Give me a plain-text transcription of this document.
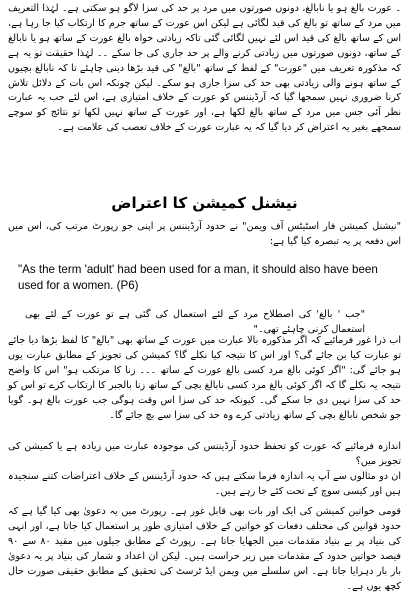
۔ عورت بالغ ہو یا نابالغ، دونوں صورتوں میں مرد پر حد کی سزا لاگو ہو سکتی ہے۔ لہٰذا التعریف میں مرد کے ساتھ تو بالغ کی قید لگائی ہے لیکن اس عورت کے ساتھ جرم کا ارتکاب کیا جا رہا ہے، اس کے ساتھ بالغ کی قید اس لئے نہیں لگائی گئی تاکہ زیادتی خواہ بالغ عورت کے ساتھ ہو یا نابالغ کے ساتھ، دونوں صورتوں میں زیادتی کرنے والے پر حد جاری کی جا سکے ۔۔ لہٰذا حقیقت تو یہ ہے کہ مذکورہ تعریف میں "عورت" کے لفظ کے ساتھ "بالغ" کی قید بڑھا دینی چاہئے تا کہ نابالغ بچیوں کے ساتھ ہونے والی زیادتی بھی حد کی سزا جاری ہو سکے۔ لیکن چونکہ اس بات کے دلائل تلاش کرنا ضروری نہیں سمجھا گیا کہ آرڈیننس کو عورت کے خلاف امتیازی ہے، اس لئے جب یہ عبارت نظر آئی جس میں مرد کے ساتھ بالغ لکھا ہے، اور عورت کے ساتھ نہیں لکھا تو نتائج کو سوچے سمجھے بغیر یہ اعتراض کر دیا گیا کہ یہ عبارت عورت کے خلاف تعصب کی علامت ہے۔

نیشنل کمیشن کا اعتراض

"نیشنل کمیشن فار اسٹیٹس آف ویمن" نے حدود آرڈیننس پر اپنی جو رپورٹ مرتب کی، اس میں اس دفعہ پر یہ تبصرہ کیا گیا ہے:

"As the term 'adult' had been used for a man, it should also have been used for a women. (P6)

"جب ' بالغ' کی اصطلاح مرد کے لئے استعمال کی گئی ہے تو عورت کے لئے بھی استعمال کرنی چاہئے تھی۔"

اب ذرا غور فرمائیے کہ اگر مذکورہ بالا عبارت میں عورت کے ساتھ بھی "بالغ" کا لفظ بڑھا دیا جائے تو عبارت کیا بن جائے گی؟ اور اس کا نتیجہ کیا نکلے گا؟ کمیشن کی تجویز کے مطابق عبارت یوں ہو جائے گی: "اگر کوئی بالغ مرد کسی بالغ عورت کے ساتھ ۔۔۔ زنا کا مرتکب ہو" اس کا واضح نتیجہ یہ نکلے گا کہ اگر کوئی بالغ مرد کسی نابالغ بچی کے ساتھ زنا بالجبر کا ارتکاب کرے تو اس کو حد کی سزا نہیں دی جا سکے گی۔ کیونکہ حد کی سزا اس وقت ہوگی جب عورت بالغ ہو۔ گویا جو شخص نابالغ بچی کے ساتھ زیادتی کرے وہ حد کی سزا سے بچ جائے گا۔

اندازہ فرمائیے کہ عورت کو تحفظ حدود آرڈیننس کی موجودہ عبارت میں زیادہ ہے یا کمیشن کی تجویز میں؟

ان دو مثالوں سے آپ یہ اندازہ فرما سکتے ہیں کہ حدود آرڈیننس کے خلاف اعتراضات کتنے سنجیدہ ہیں اور کیسی سوچ کے تحت کئے جا رہے ہیں۔

قومی خواتین کمیشن کی ایک اور بات بھی قابل غور ہے۔ رپورٹ میں یہ دعویٰ بھی کیا گیا ہے کہ حدود قوانین کی مختلف دفعات کو خواتین کے خلاف امتیازی طور پر استعمال کیا جاتا ہے، اور انہی کی بنیاد پر بے بنیاد مقدمات میں الجھایا جاتا ہے۔ رپورٹ کے مطابق جیلوں میں مقید ۸۰ سے ۹۰ فیصد خواتین حدود کے مقدمات میں زیر حراست ہیں۔ لیکن ان اعداد و شمار کی بنیاد پر یہ دعویٰ بار بار دہرایا جاتا ہے۔ اس سلسلے میں ویمن ایڈ ٹرسٹ کی تحقیق کے مطابق حقیقی صورت حال کچھ یوں ہے۔
